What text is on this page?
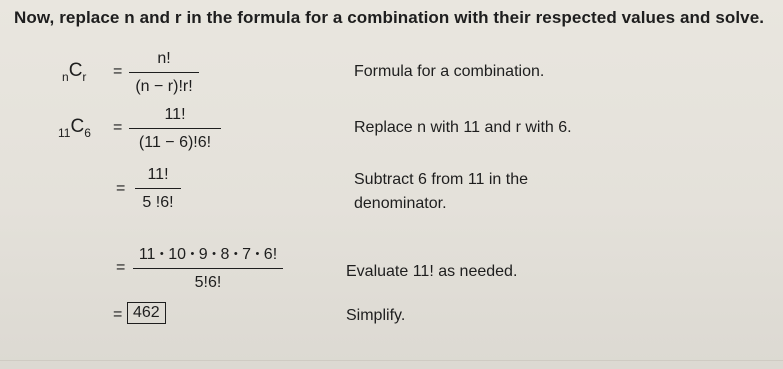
Now, replace n and r in the formula for a combination with their respected values and solve.
$_nC_r$ =
n!
(n − r)!r!
Formula for a combination.
$_{11}C_6$ =
11!
(11 − 6)!6!
Replace n with 11 and r with 6.
=
11!
5 !6!
Subtract 6 from 11 in the
denominator.
=
11 • 10 • 9 • 8 • 7 • 6!
5!6!
Evaluate 11! as needed.
= 462	Simplify.
